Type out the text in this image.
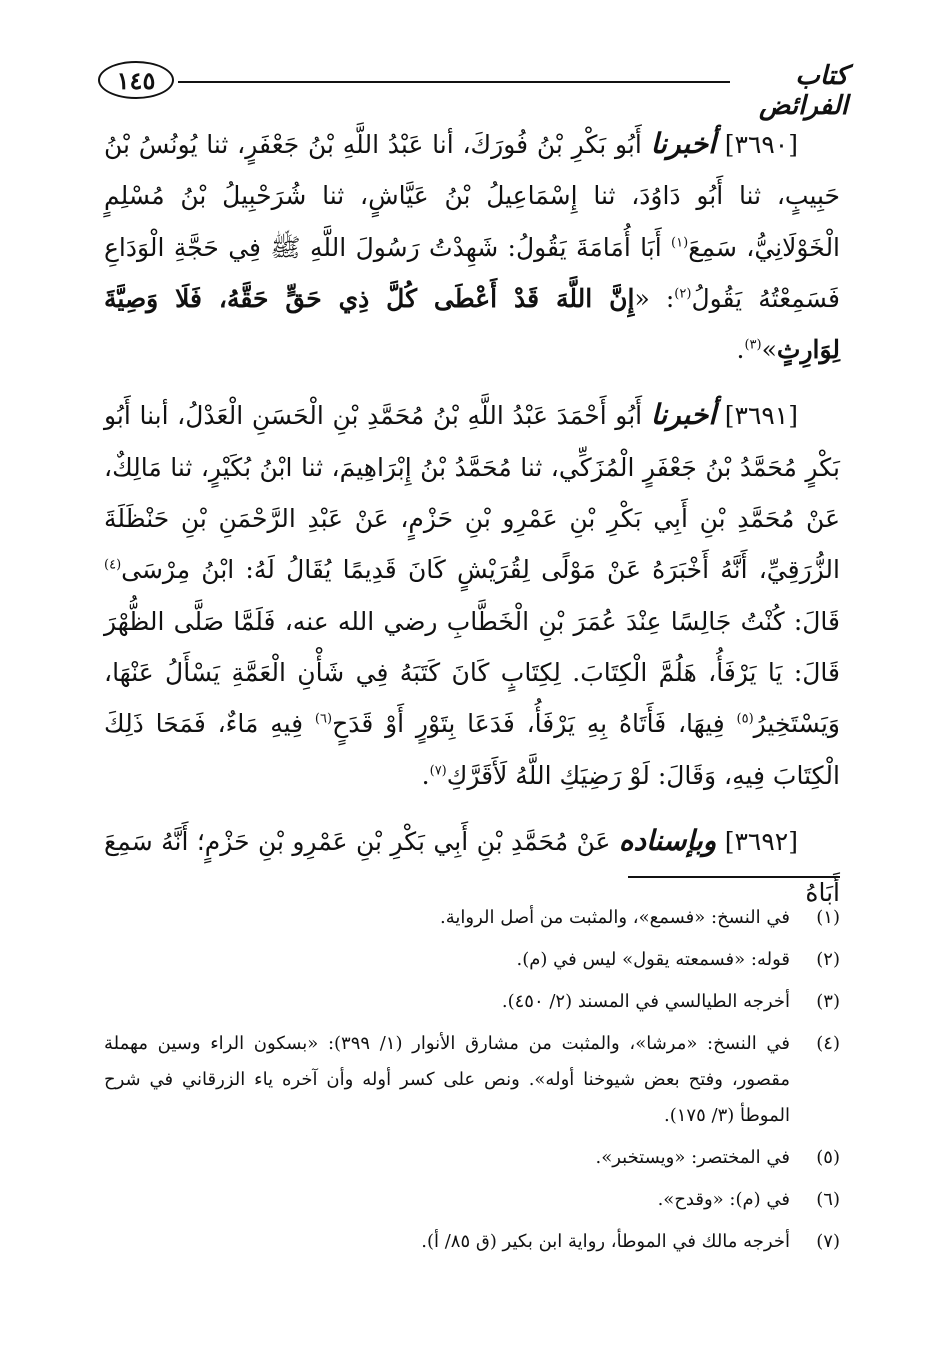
١٤٥	كتاب الفرائض

[٣٦٩٠] أخبرنا أَبُو بَكْرِ بْنُ فُورَكَ، أنا عَبْدُ اللَّهِ بْنُ جَعْفَرٍ، ثنا يُونُسُ بْنُ حَبِيبٍ، ثنا أَبُو دَاوُدَ، ثنا إِسْمَاعِيلُ بْنُ عَيَّاشٍ، ثنا شُرَحْبِيلُ بْنُ مُسْلِمٍ الْخَوْلَانِيُّ، سَمِعَ$^{(١)}$ أَبَا أُمَامَةَ يَقُولُ: شَهِدْتُ رَسُولَ اللَّهِ ﷺ فِي حَجَّةِ الْوَدَاعِ فَسَمِعْتُهُ يَقُولُ$^{(٢)}$: «إِنَّ اللَّهَ قَدْ أَعْطَى كُلَّ ذِي حَقٍّ حَقَّهُ، فَلَا وَصِيَّةَ لِوَارِثٍ»$^{(٣)}$.

[٣٦٩١] أخبرنا أَبُو أَحْمَدَ عَبْدُ اللَّهِ بْنُ مُحَمَّدِ بْنِ الْحَسَنِ الْعَدْلُ، أبنا أَبُو بَكْرٍ مُحَمَّدُ بْنُ جَعْفَرٍ الْمُزَكِّي، ثنا مُحَمَّدُ بْنُ إِبْرَاهِيمَ، ثنا ابْنُ بُكَيْرٍ، ثنا مَالِكٌ، عَنْ مُحَمَّدِ بْنِ أَبِي بَكْرِ بْنِ عَمْرِو بْنِ حَزْمٍ، عَنْ عَبْدِ الرَّحْمَنِ بْنِ حَنْظَلَةَ الزُّرَقِيِّ، أَنَّهُ أَخْبَرَهُ عَنْ مَوْلًى لِقُرَيْشٍ كَانَ قَدِيمًا يُقَالُ لَهُ: ابْنُ مِرْسَى$^{(٤)}$ قَالَ: كُنْتُ جَالِسًا عِنْدَ عُمَرَ بْنِ الْخَطَّابِ رضي الله عنه، فَلَمَّا صَلَّى الظُّهْرَ قَالَ: يَا يَرْفَأُ، هَلُمَّ الْكِتَابَ. لِكِتَابٍ كَانَ كَتَبَهُ فِي شَأْنِ الْعَمَّةِ يَسْأَلُ عَنْهَا، وَيَسْتَخِيرُ$^{(٥)}$ فِيهَا، فَأَتَاهُ بِهِ يَرْفَأُ، فَدَعَا بِتَوْرٍ أَوْ قَدَحٍ$^{(٦)}$ فِيهِ مَاءٌ، فَمَحَا ذَلِكَ الْكِتَابَ فِيهِ، وَقَالَ: لَوْ رَضِيَكِ اللَّهُ لَأَقَرَّكِ$^{(٧)}$.

[٣٦٩٢] وبإسناده عَنْ مُحَمَّدِ بْنِ أَبِي بَكْرِ بْنِ عَمْرِو بْنِ حَزْمٍ؛ أَنَّهُ سَمِعَ أَبَاهُ

(١)
في النسخ: «فسمع»، والمثبت من أصل الرواية.
(٢)
قوله: «فسمعته يقول» ليس في (م).
(٣)
أخرجه الطيالسي في المسند (٢/ ٤٥٠).
(٤)
في النسخ: «مرشا»، والمثبت من مشارق الأنوار (١/ ٣٩٩): «بسكون الراء وسين مهملة مقصور، وفتح بعض شيوخنا أوله». ونص على كسر أوله وأن آخره ياء الزرقاني في شرح الموطأ (٣/ ١٧٥).
(٥)
في المختصر: «ويستخبر».
(٦)
في (م): «وقدح».
(٧)
أخرجه مالك في الموطأ، رواية ابن بكير (ق ٨٥/ أ).
